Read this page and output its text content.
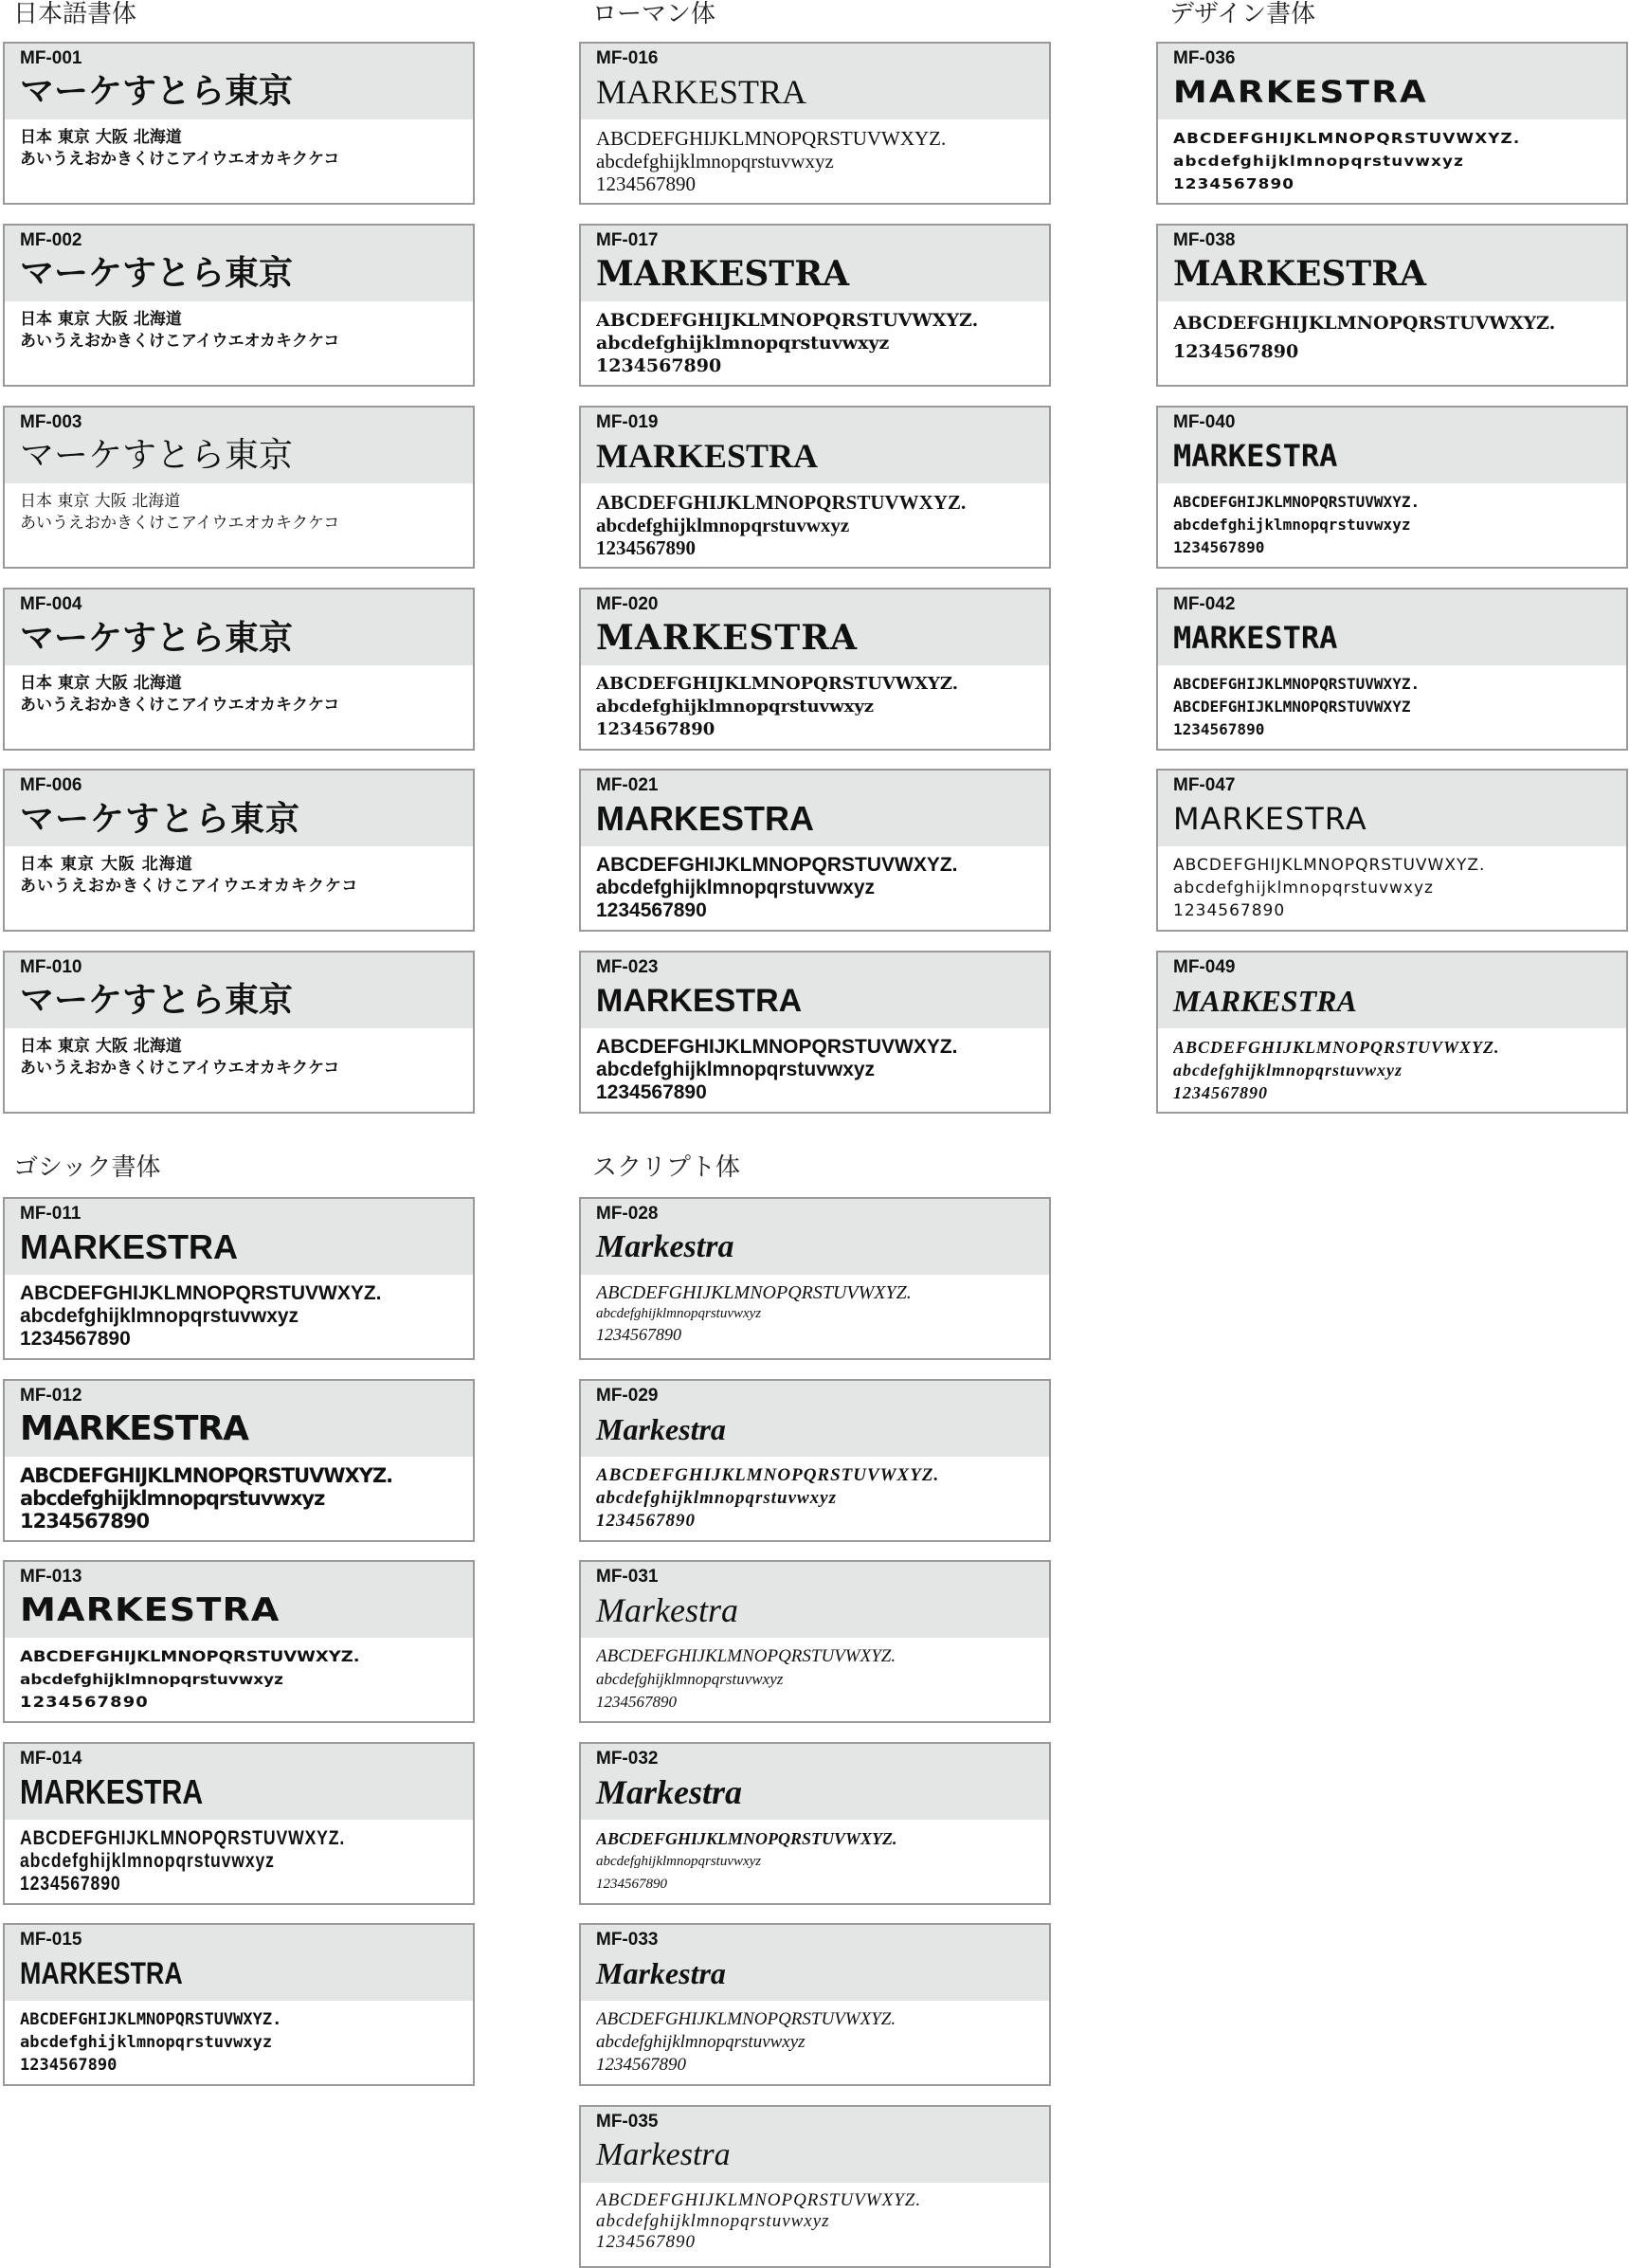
日本語書体	ローマン体	デザイン書体
ゴシック書体	スクリプト体
MF-001
マーケすとら東京
日本 東京 大阪 北海道
あいうえおかきくけこアイウエオカキクケコ
MF-002
マーケすとら東京
日本 東京 大阪 北海道
あいうえおかきくけこアイウエオカキクケコ
MF-003
マーケすとら東京
日本 東京 大阪 北海道
あいうえおかきくけこアイウエオカキクケコ
MF-004
マーケすとら東京
日本 東京 大阪 北海道
あいうえおかきくけこアイウエオカキクケコ
MF-006
マーケすとら東京
日本 東京 大阪 北海道
あいうえおかきくけこアイウエオカキクケコ
MF-010
マーケすとら東京
日本 東京 大阪 北海道
あいうえおかきくけこアイウエオカキクケコ
MF-016
MARKESTRA
ABCDEFGHIJKLMNOPQRSTUVWXYZ.
abcdefghijklmnopqrstuvwxyz
1234567890
MF-017
MARKESTRA
ABCDEFGHIJKLMNOPQRSTUVWXYZ.
abcdefghijklmnopqrstuvwxyz
1234567890
MF-019
MARKESTRA
ABCDEFGHIJKLMNOPQRSTUVWXYZ.
abcdefghijklmnopqrstuvwxyz
1234567890
MF-020
MARKESTRA
ABCDEFGHIJKLMNOPQRSTUVWXYZ.
abcdefghijklmnopqrstuvwxyz
1234567890
MF-021
MARKESTRA
ABCDEFGHIJKLMNOPQRSTUVWXYZ.
abcdefghijklmnopqrstuvwxyz
1234567890
MF-023
MARKESTRA
ABCDEFGHIJKLMNOPQRSTUVWXYZ.
abcdefghijklmnopqrstuvwxyz
1234567890
MF-036
MARKESTRA
ABCDEFGHIJKLMNOPQRSTUVWXYZ.
abcdefghijklmnopqrstuvwxyz
1234567890
MF-038
MARKESTRA
ABCDEFGHIJKLMNOPQRSTUVWXYZ.
1234567890
MF-040
MARKESTRA
ABCDEFGHIJKLMNOPQRSTUVWXYZ.
abcdefghijklmnopqrstuvwxyz
1234567890
MF-042
MARKESTRA
ABCDEFGHIJKLMNOPQRSTUVWXYZ.
ABCDEFGHIJKLMNOPQRSTUVWXYZ
1234567890
MF-047
MARKESTRA
ABCDEFGHIJKLMNOPQRSTUVWXYZ.
abcdefghijklmnopqrstuvwxyz
1234567890
MF-049
MARKESTRA
ABCDEFGHIJKLMNOPQRSTUVWXYZ.
abcdefghijklmnopqrstuvwxyz
1234567890
MF-011
MARKESTRA
ABCDEFGHIJKLMNOPQRSTUVWXYZ.
abcdefghijklmnopqrstuvwxyz
1234567890
MF-012
MARKESTRA
ABCDEFGHIJKLMNOPQRSTUVWXYZ.
abcdefghijklmnopqrstuvwxyz
1234567890
MF-013
MARKESTRA
ABCDEFGHIJKLMNOPQRSTUVWXYZ.
abcdefghijklmnopqrstuvwxyz
1234567890
MF-014
MARKESTRA
ABCDEFGHIJKLMNOPQRSTUVWXYZ.
abcdefghijklmnopqrstuvwxyz
1234567890
MF-015
MARKESTRA
ABCDEFGHIJKLMNOPQRSTUVWXYZ.
abcdefghijklmnopqrstuvwxyz
1234567890
MF-028
Markestra
ABCDEFGHIJKLMNOPQRSTUVWXYZ.
abcdefghijklmnopqrstuvwxyz
1234567890
MF-029
Markestra
ABCDEFGHIJKLMNOPQRSTUVWXYZ.
abcdefghijklmnopqrstuvwxyz
1234567890
MF-031
Markestra
ABCDEFGHIJKLMNOPQRSTUVWXYZ.
abcdefghijklmnopqrstuvwxyz
1234567890
MF-032
Markestra
ABCDEFGHIJKLMNOPQRSTUVWXYZ.
abcdefghijklmnopqrstuvwxyz
1234567890
MF-033
Markestra
ABCDEFGHIJKLMNOPQRSTUVWXYZ.
abcdefghijklmnopqrstuvwxyz
1234567890
MF-035
Markestra
ABCDEFGHIJKLMNOPQRSTUVWXYZ.
abcdefghijklmnopqrstuvwxyz
1234567890
